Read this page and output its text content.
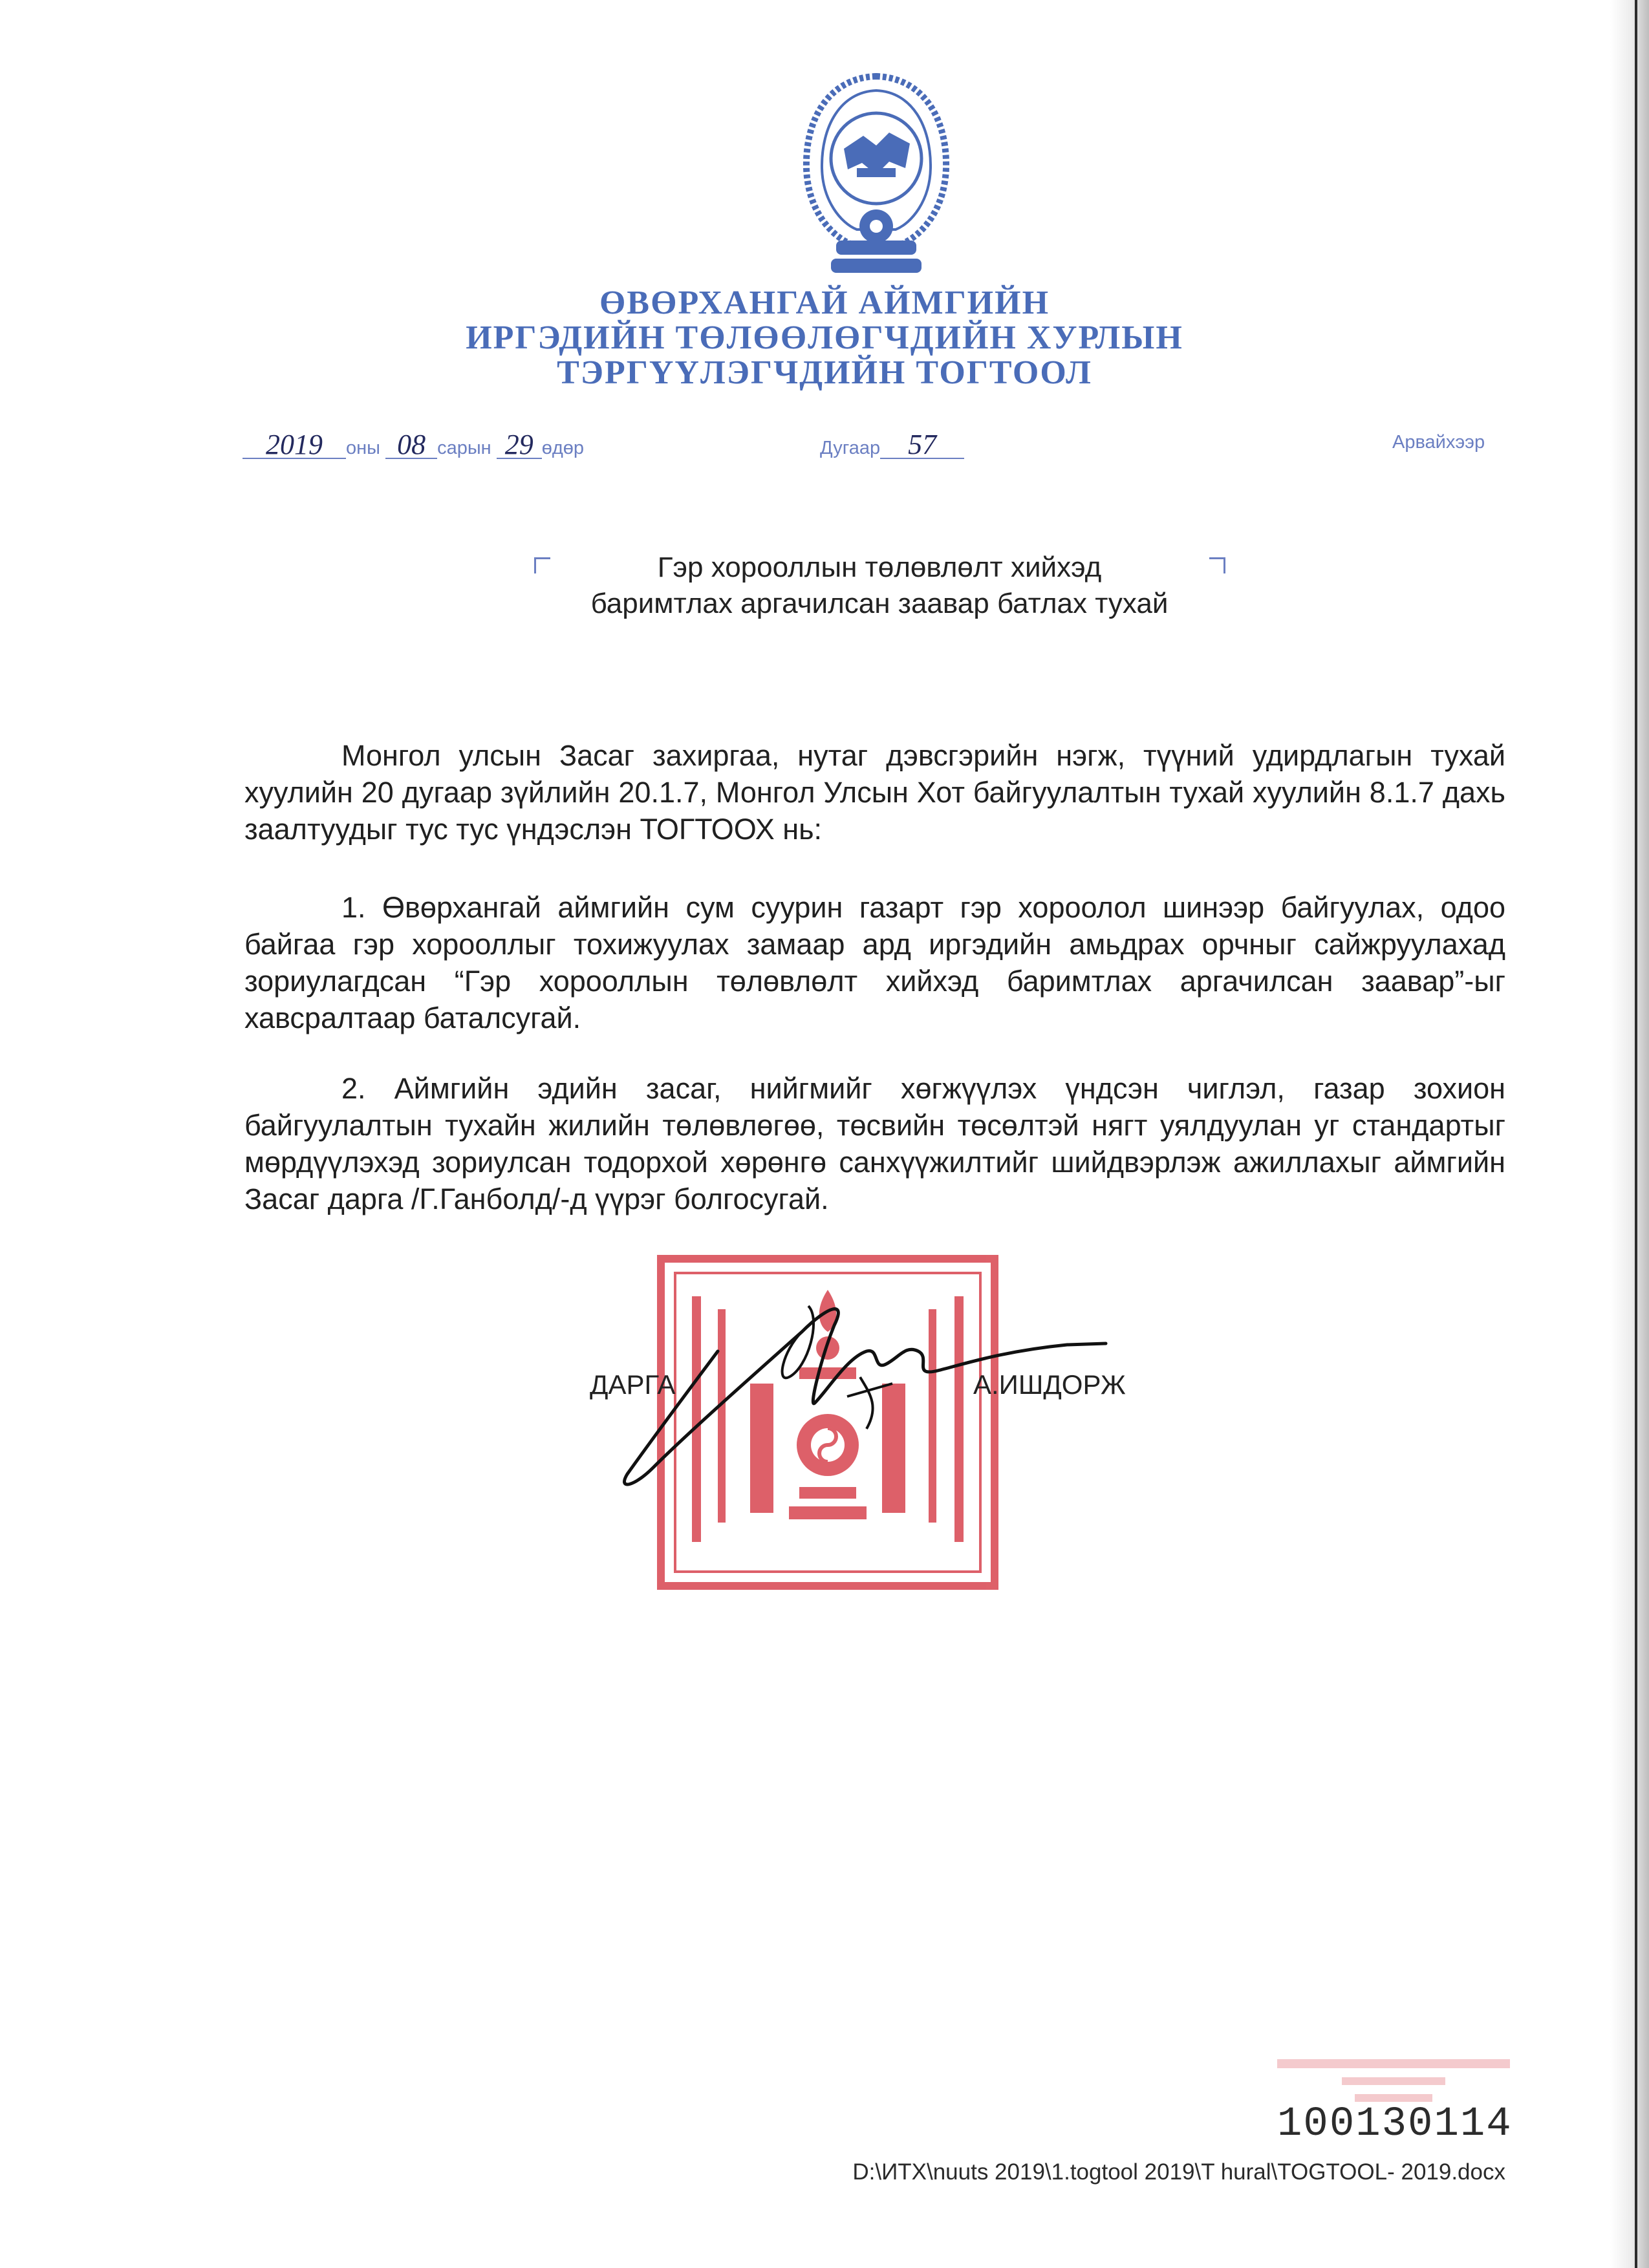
ӨВӨРХАНГАЙ АЙМГИЙН
ИРГЭДИЙН ТӨЛӨӨЛӨГЧДИЙН ХУРЛЫН
ТЭРГҮҮЛЭГЧДИЙН ТОГТООЛ
2019 оны 08 сарын 29 өдөр	Дугаар 57	Арвайхээр
Гэр хорооллын төлөвлөлт хийхэд
баримтлах аргачилсан заавар батлах тухай
Монгол улсын Засаг захиргаа, нутаг дэвсгэрийн нэгж, түүний удирдлагын тухай хуулийн 20 дугаар зүйлийн 20.1.7, Монгол Улсын Хот байгуулалтын тухай хуулийн 8.1.7 дахь заалтуудыг тус тус үндэслэн ТОГТООХ нь:
1. Өвөрхангай аймгийн сум суурин газарт гэр хороолол шинээр байгуулах, одоо байгаа гэр хорооллыг тохижуулах замаар ард иргэдийн амьдрах орчныг сайжруулахад зориулагдсан “Гэр хорооллын төлөвлөлт хийхэд баримтлах аргачилсан заавар”-ыг хавсралтаар баталсугай.
2. Аймгийн эдийн засаг, нийгмийг хөгжүүлэх үндсэн чиглэл, газар зохион байгуулалтын тухайн жилийн төлөвлөгөө, төсвийн төсөлтэй нягт уялдуулан уг стандартыг мөрдүүлэхэд зориулсан тодорхой хөрөнгө санхүүжилтийг шийдвэрлэж ажиллахыг аймгийн Засаг дарга /Г.Ганболд/-д үүрэг болгосугай.
ДАРГА	А.ИШДОРЖ
100130114
D:\ИТХ\nuuts 2019\1.togtool 2019\T hural\TOGTOOL- 2019.docx
